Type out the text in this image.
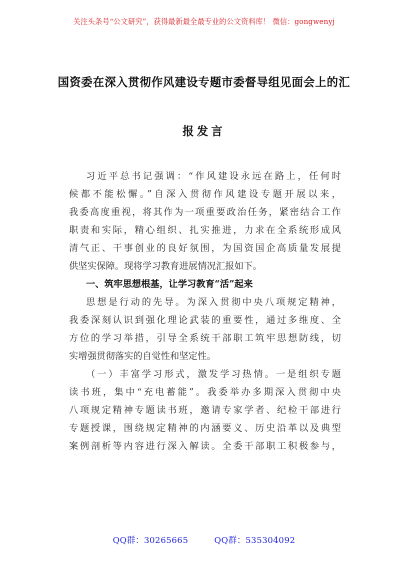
关注头条号“公文研究”，获得最新最全最专业的公文资料库！ 微信：gongwenyj
国资委在深入贯彻作风建设专题市委督导组见面会上的汇
报发言
习近平总书记强调：“作风建设永远在路上，任何时
候都不能松懈。”自深入贯彻作风建设专题开展以来，
我委高度重视，将其作为一项重要政治任务，紧密结合工作
职责和实际，精心组织、扎实推进，力求在全系统形成风
清气正、干事创业的良好氛围，为国资国企高质量发展提
供坚实保障。现将学习教育进展情况汇报如下。
一、筑牢思想根基，让学习教育“活”起来
思想是行动的先导。为深入贯彻中央八项规定精神，
我委深刻认识到强化理论武装的重要性，通过多维度、全
方位的学习举措，引导全系统干部职工筑牢思想防线，切
实增强贯彻落实的自觉性和坚定性。
（一）丰富学习形式，激发学习热情。一是组织专题
读书班，集中“充电蓄能”。我委举办多期深入贯彻中央
八项规定精神专题读书班，邀请专家学者、纪检干部进行
专题授课，围绕规定精神的内涵要义、历史沿革以及典型
案例剖析等内容进行深入解读。全委干部职工积极参与，
QQ群：30265665	QQ群：535304092
